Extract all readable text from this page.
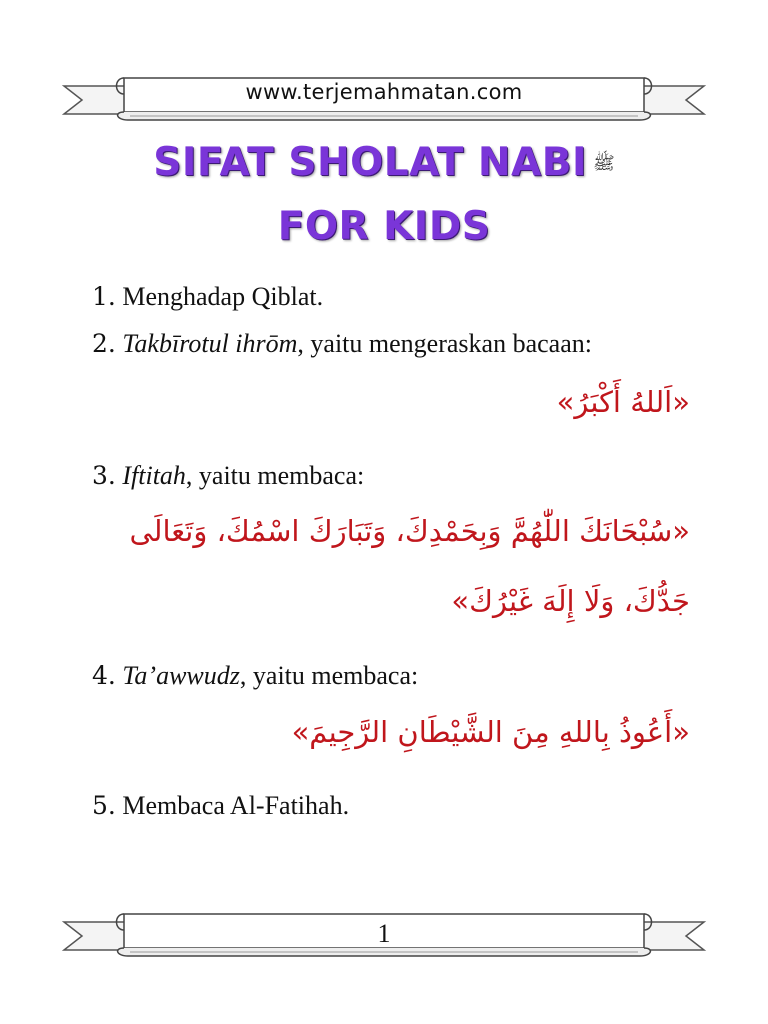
www.terjemahmatan.com
SIFAT SHOLAT NABI ﷺ
FOR KIDS
1. Menghadap Qiblat.
2. Takbīrotul ihrōm, yaitu mengeraskan bacaan:
«اَللهُ أَكْبَرُ»
3. Iftitah, yaitu membaca:
«سُبْحَانَكَ اللّٰهُمَّ وَبِحَمْدِكَ، وَتَبَارَكَ اسْمُكَ، وَتَعَالَى
جَدُّكَ، وَلَا إِلَهَ غَيْرُكَ»
4. Ta’awwudz, yaitu membaca:
«أَعُوذُ بِاللهِ مِنَ الشَّيْطَانِ الرَّجِيمَ»
5. Membaca Al-Fatihah.
1
